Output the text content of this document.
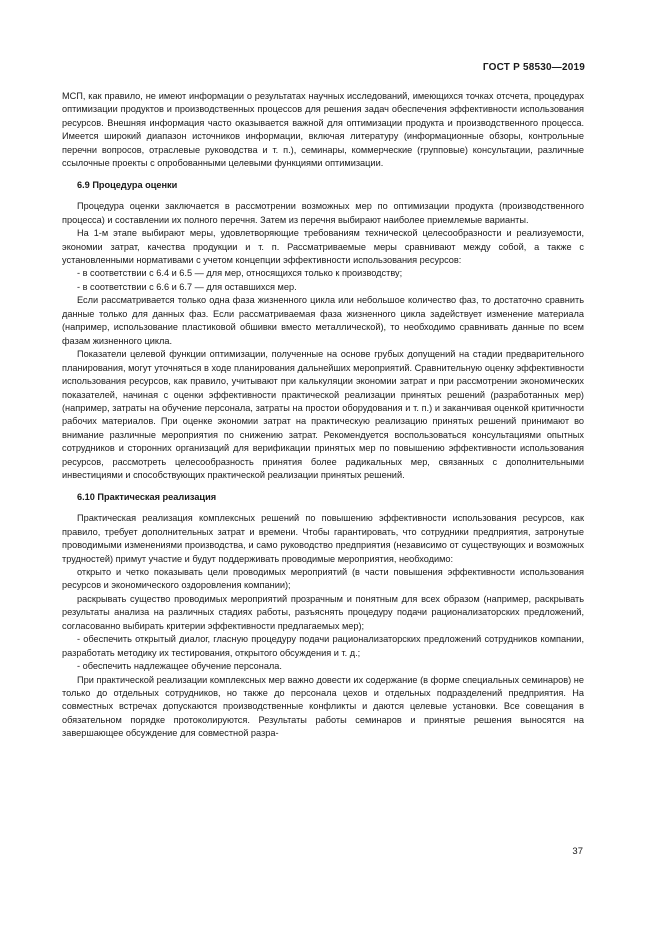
ГОСТ Р 58530—2019

МСП, как правило, не имеют информации о результатах научных исследований, имеющихся точках отсчета, процедурах оптимизации продуктов и производственных процессов для решения задач обеспечения эффективности использования ресурсов. Внешняя информация часто оказывается важной для оптимизации продукта и производственного процесса. Имеется широкий диапазон источников информации, включая литературу (информационные обзоры, контрольные перечни вопросов, отраслевые руководства и т. п.), семинары, коммерческие (групповые) консультации, различные ссылочные проекты с опробованными целевыми функциями оптимизации.

6.9 Процедура оценки

Процедура оценки заключается в рассмотрении возможных мер по оптимизации продукта (производственного процесса) и составлении их полного перечня. Затем из перечня выбирают наиболее приемлемые варианты.

На 1-м этапе выбирают меры, удовлетворяющие требованиям технической целесообразности и реализуемости, экономии затрат, качества продукции и т. п. Рассматриваемые меры сравнивают между собой, а также с установленными нормативами с учетом концепции эффективности использования ресурсов:

- в соответствии с 6.4 и 6.5 — для мер, относящихся только к производству;

- в соответствии с 6.6 и 6.7 — для оставшихся мер.

Если рассматривается только одна фаза жизненного цикла или небольшое количество фаз, то достаточно сравнить данные только для данных фаз. Если рассматриваемая фаза жизненного цикла задействует изменение материала (например, использование пластиковой обшивки вместо металлической), то необходимо сравнивать данные по всем фазам жизненного цикла.

Показатели целевой функции оптимизации, полученные на основе грубых допущений на стадии предварительного планирования, могут уточняться в ходе планирования дальнейших мероприятий. Сравнительную оценку эффективности использования ресурсов, как правило, учитывают при калькуляции экономии затрат и при рассмотрении экономических показателей, начиная с оценки эффективности практической реализации принятых решений (разработанных мер) (например, затраты на обучение персонала, затраты на простои оборудования и т. п.) и заканчивая оценкой критичности рабочих материалов. При оценке экономии затрат на практическую реализацию принятых решений принимают во внимание различные мероприятия по снижению затрат. Рекомендуется воспользоваться консультациями опытных сотрудников и сторонних организаций для верификации принятых мер по повышению эффективности использования ресурсов, рассмотреть целесообразность принятия более радикальных мер, связанных с дополнительными инвестициями и способствующих практической реализации принятых решений.

6.10 Практическая реализация

Практическая реализация комплексных решений по повышению эффективности использования ресурсов, как правило, требует дополнительных затрат и времени. Чтобы гарантировать, что сотрудники предприятия, затронутые проводимыми изменениями производства, и само руководство предприятия (независимо от существующих и возможных трудностей) примут участие и будут поддерживать проводимые мероприятия, необходимо:

открыто и четко показывать цели проводимых мероприятий (в части повышения эффективности использования ресурсов и экономического оздоровления компании);

раскрывать существо проводимых мероприятий прозрачным и понятным для всех образом (например, раскрывать результаты анализа на различных стадиях работы, разъяснять процедуру подачи рационализаторских предложений, согласованно выбирать критерии эффективности предлагаемых мер);

- обеспечить открытый диалог, гласную процедуру подачи рационализаторских предложений сотрудников компании, разработать методику их тестирования, открытого обсуждения и т. д.;

- обеспечить надлежащее обучение персонала.

При практической реализации комплексных мер важно довести их содержание (в форме специальных семинаров) не только до отдельных сотрудников, но также до персонала цехов и отдельных подразделений предприятия. На совместных встречах допускаются производственные конфликты и даются целевые установки. Все совещания в обязательном порядке протоколируются. Результаты работы семинаров и принятые решения выносятся на завершающее обсуждение для совместной разра-

37
